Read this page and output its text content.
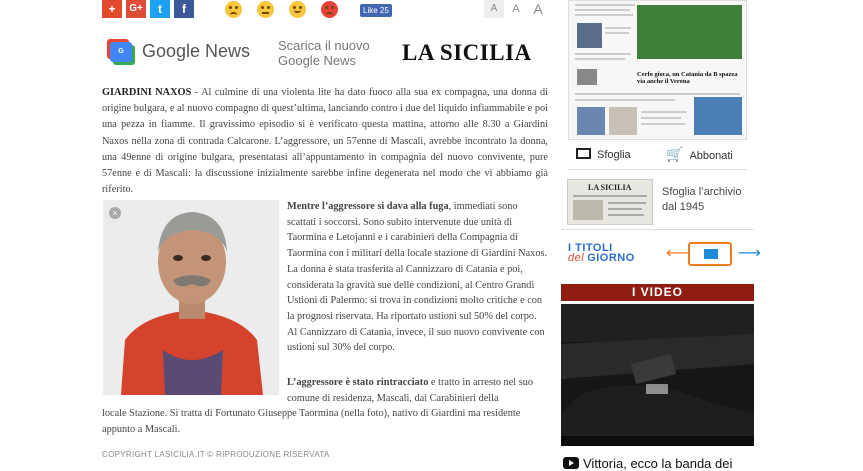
+	G+	t	f	Like 25	A	A A
G	Google News Scarica il nuovo
Google News	LA SICILIA

GIARDINI NAXOS - Al culmine di una violenta lite ha dato fuoco alla sua ex compagna, una donna di origine bulgara, e al nuovo compagno di quest’ultima, lanciando contro i due del liquido infiammabile e poi una pezza in fiamme. Il gravissimo episodio si è verificato questa mattina, attorno alle 8.30 a Giardini Naxos nella zona di contrada Calcarone. L’aggressore, un 57enne di Mascali, avrebbe incontrato la donna, una 49enne di origine bulgara, presentatasi all’appuntamento in compagnia del nuovo convivente, pure 57enne e di Mascali: la discussione inizialmente sarebbe infine degenerata nel modo che vi abbiamo già riferito.

×

Mentre l’aggressore si dava alla fuga, immediati sono scattati i soccorsi. Sono subito intervenute due unità di Taormina e Letojanni e i carabinieri della Compagnia di Taormina con i militari della locale stazione di Giardini Naxos. La donna è stata trasferita al Cannizzaro di Catania e poi, considerata la gravità sue delle condizioni, al Centro Grandi Ustioni di Palermo: si trova in condizioni molto critiche e con la prognosi riservata. Ha riportato ustioni sul 50% del corpo. Al Cannizzaro di Catania, invece, il suo nuovo convivente con ustioni sul 30% del corpo.

L’aggressore è stato rintracciato e tratto in arresto nel suo comune di residenza, Mascali, dai Carabinieri della

locale Stazione. Si tratta di Fortunato Giuseppe Taormina (nella foto), nativo di Giardini ma residente appunto a Mascali.

COPYRIGHT LASICILIA.IT © RIPRODUZIONE RISERVATA
Cerfo gioca, un Catania da B spazza via anche il Verona
Sfoglia	🛒 Abbonati
LA SICILIA	Sfoglia l’archivio
dal 1945
I TITOLI
del GIORNO	⟵	⟶
I VIDEO
Vittoria, ecco la banda dei
